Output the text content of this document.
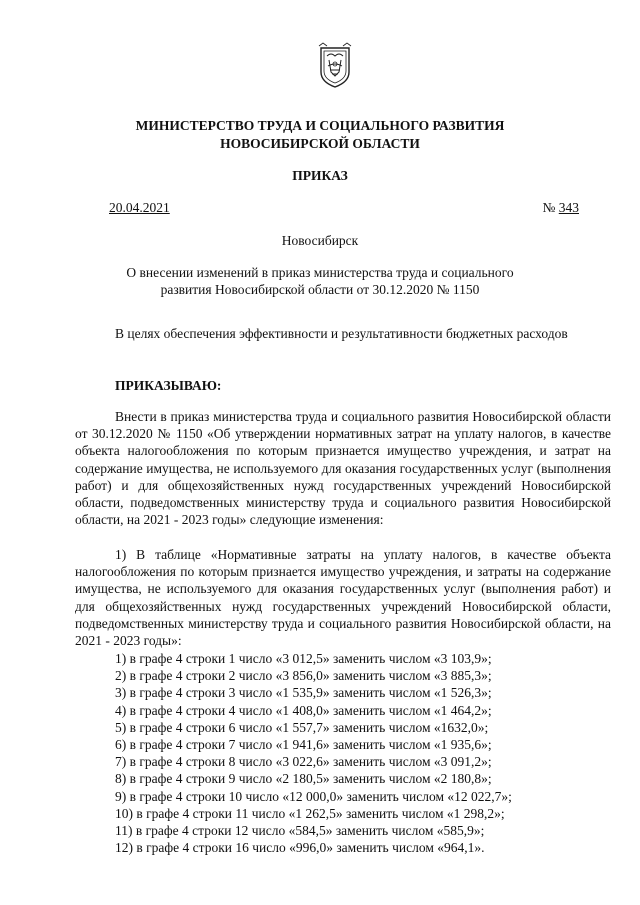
МИНИСТЕРСТВО ТРУДА И СОЦИАЛЬНОГО РАЗВИТИЯ
НОВОСИБИРСКОЙ ОБЛАСТИ
ПРИКАЗ
20.04.2021	№ 343
Новосибирск
О внесении изменений в приказ министерства труда и социального развития Новосибирской области от 30.12.2020 № 1150

В целях обеспечения эффективности и результативности бюджетных расходов

ПРИКАЗЫВАЮ:

Внести в приказ министерства труда и социального развития Новосибирской области от 30.12.2020 № 1150 «Об утверждении нормативных затрат на уплату налогов, в качестве объекта налогообложения по которым признается имущество учреждения, и затрат на содержание имущества, не используемого для оказания государственных услуг (выполнения работ) и для общехозяйственных нужд государственных учреждений Новосибирской области, подведомственных министерству труда и социального развития Новосибирской области, на 2021 - 2023 годы» следующие изменения:

1) В таблице «Нормативные затраты на уплату налогов, в качестве объекта налогообложения по которым признается имущество учреждения, и затраты на содержание имущества, не используемого для оказания государственных услуг (выполнения работ) и для общехозяйственных нужд государственных учреждений Новосибирской области, подведомственных министерству труда и социального развития Новосибирской области, на 2021 - 2023 годы»:

1) в графе 4 строки 1 число «3 012,5» заменить числом «3 103,9»;
2) в графе 4 строки 2 число «3 856,0» заменить числом «3 885,3»;
3) в графе 4 строки 3 число «1 535,9» заменить числом «1 526,3»;
4) в графе 4 строки 4 число «1 408,0» заменить числом «1 464,2»;
5) в графе 4 строки 6 число «1 557,7» заменить числом «1632,0»;
6) в графе 4 строки 7 число «1 941,6» заменить числом «1 935,6»;
7) в графе 4 строки 8 число «3 022,6» заменить числом «3 091,2»;
8) в графе 4 строки 9 число «2 180,5» заменить числом «2 180,8»;
9) в графе 4 строки 10 число «12 000,0» заменить числом «12 022,7»;
10) в графе 4 строки 11 число «1 262,5» заменить числом «1 298,2»;
11) в графе 4 строки 12 число «584,5» заменить числом «585,9»;
12) в графе 4 строки 16 число «996,0» заменить числом «964,1».
